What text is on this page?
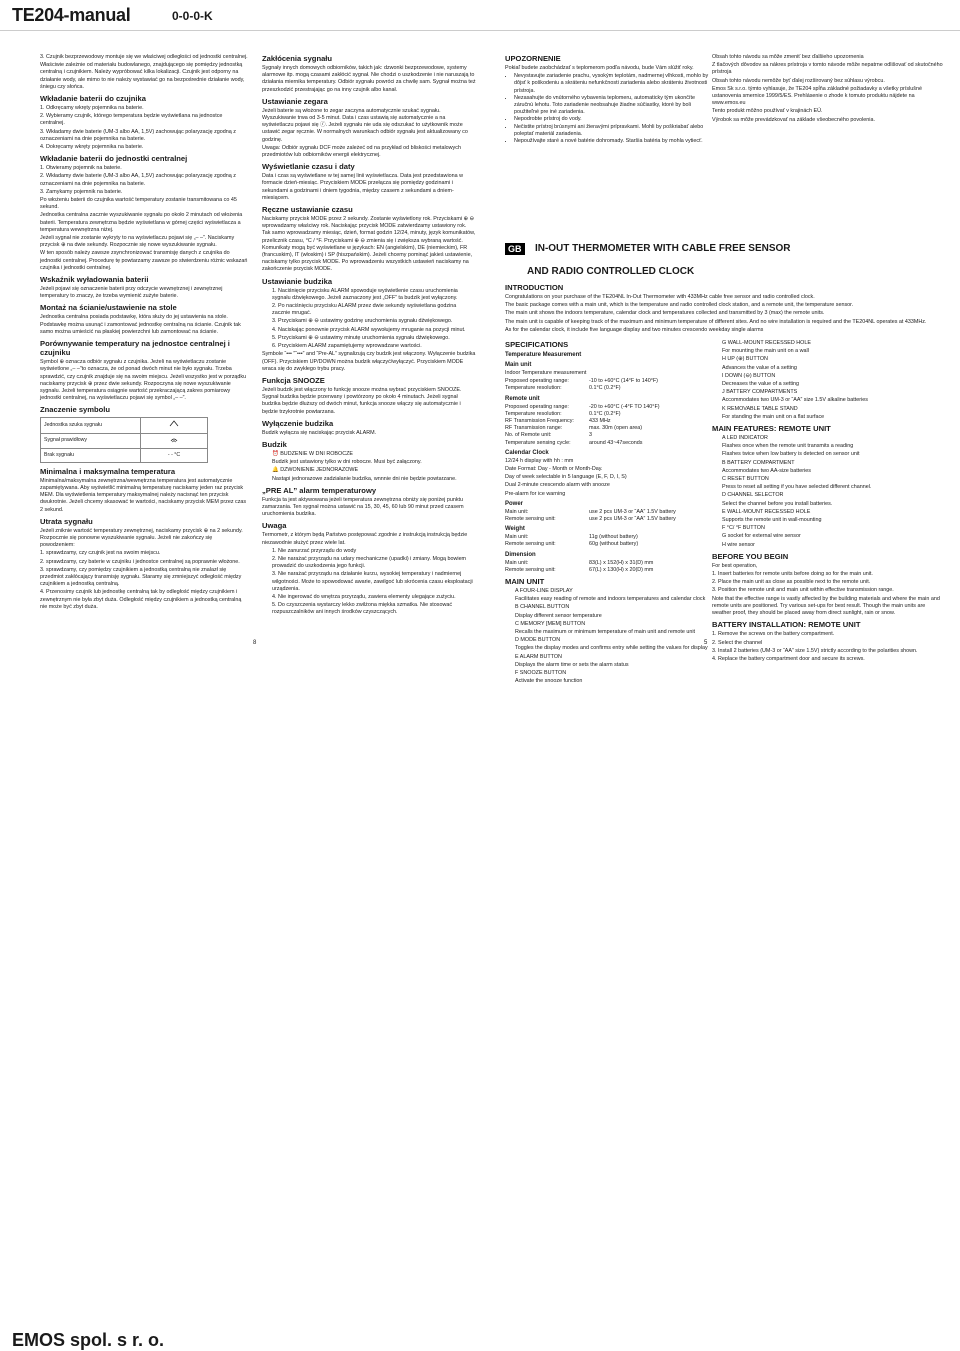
TE204-manual	0-0-0-K

3. Czujnik bezprzewodowy montuje się we właściwej odległości od jednostki centralnej.

Właściwie zależnie od materiału budowlanego, znajdującego się pomiędzy jednostką centralną i czujnikiem. Należy wypróbować kilka lokalizacji. Czujnik jest odporny na działanie wody, ale mimo to nie należy wystawiać go na bezpośrednie działanie wody, śniegu czy słońca.

Wkładanie baterii do czujnika

1. Odkręcamy wkręty pojemnika na baterie.

2. Wybieramy czujnik, którego temperatura będzie wyświetlana na jednostce centralnej.

3. Wkładamy dwie baterie (UM-3 albo AA, 1,5V) zachowując polaryzację zgodną z oznaczeniami na dnie pojemnika na baterie.

4. Dokręcamy wkręty pojemnika na baterie.

Wkładanie baterii do jednostki centralnej

1. Otwieramy pojemnik na baterie.

2. Wkładamy dwie baterie (UM-3 albo AA, 1,5V) zachowując polaryzację zgodną z oznaczeniami na dnie pojemnika na baterie.

3. Zamykamy pojemnik na baterie.

Po włożeniu baterii do czujnika wartość temperatury zostanie transmitowana co 45 sekund.

Jednostka centralna zacznie wyszukiwanie sygnału po około 2 minutach od włożenia baterii. Temperatura zewnętrzna będzie wyświetlana w górnej części wyświetlacza a temperatura wewnętrzna niżej.

Jeżeli sygnał nie zostanie wykryty to na wyświetlaczu pojawi się „– –”. Naciskamy przycisk ⊕ na dwie sekundy. Rozpocznie się nowe wyszukiwanie sygnału.

W ten sposób należy zawsze zsynchronizować transmisję danych z czujnika do jednostki centralnej. Procedurę tę powtarzamy zawsze po stwierdzeniu różnic wskazań czujnika i jednostki centralnej.

Wskaźnik wyładowania baterii

Jeżeli pojawi się oznaczenie baterii przy odczycie wewnętrznej i zewnętrznej temperatury to znaczy, że trzeba wymienić zużyte baterie.

Montaż na ścianie/ustawienie na stole

Jednostka centralna posiada podstawkę, która służy do jej ustawienia na stole. Podstawkę można usunąć i zamontować jednostkę centralną na ścianie. Czujnik tak samo można umieścić na płaskiej powierzchni lub zamontować na ścianie.

Porównywanie temperatury na jednostce centralnej i czujniku

Symbol ⊕ oznacza odbiór sygnału z czujnika. Jeżeli na wyświetlaczu zostanie wyświetlone „– –”to oznacza, że od ponad dwóch minut nie było sygnału. Trzeba sprawdzić, czy czujnik znajduje się na swoim miejscu. Jeżeli wszystko jest w porządku naciskamy przycisk ⊕ przez dwie sekundy. Rozpoczyna się nowe wyszukiwanie sygnału. Jeżeli temperatura osiągnie wartość przekraczającą zakres pomiarowy jednostki centralnej, na wyświetlaczu pojawi się symbol „– –”.

Znaczenie symbolu
Jednostka szuka sygnału	
Sygnał prawidłowy	
Brak sygnału	- - °C
Minimalna i maksymalna temperatura

Minimalna/maksymalna zewnętrzna/wewnętrzna temperatura jest automatycznie zapamiętywana. Aby wyświetlić minimalną temperaturę naciskamy jeden raz przycisk MEM. Dla wyświetlenia temperatury maksymalnej należy nacisnąć ten przycisk dwukrotnie. Jeżeli chcemy skasować te wartości, naciskamy przycisk MEM przez czas 2 sekund.

Utrata sygnału

Jeżeli zniknie wartość temperatury zewnętrznej, naciskamy przycisk ⊕ na 2 sekundy. Rozpocznie się ponowne wyszukiwanie sygnału. Jeżeli nie zakończy się powodzeniem:

1. sprawdzamy, czy czujnik jest na swoim miejscu.

2. sprawdzamy, czy baterie w czujniku i jednostce centralnej są poprawnie włożone.

3. sprawdzamy, czy pomiędzy czujnikiem a jednostką centralną nie znalazł się przedmiot zakłócający transmisję sygnału. Staramy się zmniejszyć odległość między czujnikiem a jednostką centralną.

4. Przenosimy czujnik lub jednostkę centralną tak by odległość między czujnikiem i zewnętrznym nie była zbyt duża. Odległość między czujnikiem a jednostką centralną nie może być zbyt duża.

Zakłócenia sygnału

Sygnały innych domowych odbiorników, takich jak: dzwonki bezprzewodowe, systemy alarmowe itp. mogą czasami zakłócić sygnał. Nie chodzi o uszkodzenie i nie naruszają to działania miernika temperatury. Odbiór sygnału powróci za chwilę sam. Sygnał można też przeszkodzić przestrajając go na inny czujnik albo kanał.

Ustawianie zegara

Jeżeli baterie są włożone to zegar zaczyna automatycznie szukać sygnału. Wyszukiwanie trwa od 3-5 minut. Data i czas ustawią się automatycznie a na wyświetlaczu pojawi się ⓡ. Jeżeli sygnału nie uda się odszukać to użytkownik może ustawić zegar ręcznie. W normalnych warunkach odbiór sygnału jest aktualizowany co godzinę.

Uwaga: Odbiór sygnału DCF może zależeć od na przykład od bliskości metalowych przedmiotów lub odbiorników energii elektrycznej.

Wyświetlanie czasu i daty

Data i czas są wyświetlane w tej samej linii wyświetlacza. Data jest przedstawiona w formacie dzień-miesiąc. Przyciskiem MODE przełącza się pomiędzy godzinami i sekundami a godzinami i dniem tygodnia, między czasem z sekundami a dniem-miesiącem.

Ręczne ustawianie czasu

Naciskamy przycisk MODE przez 2 sekundy. Zostanie wyświetlony rok. Przyciskami ⊕ ⊖ wprowadzamy właściwy rok. Naciskając przycisk MODE zatwierdzamy ustawiony rok. Tak samo wprowadzamy miesiąc, dzień, format godzin 12/24, minuty, język komunikatów, przelicznik czasu, °C / °F. Przyciskami ⊕ ⊖ zmienia się i zwiększa wybraną wartość. Komunikaty mogą być wyświetlane w językach: EN (angielskim), DE (niemieckim), FR (francuskim), IT (włoskim) i SP (hiszpańskim). Jeżeli chcemy pominąć jakieś ustawienie, naciskamy tylko przycisk MODE. Po wprowadzeniu wszystkich ustawień naciskamy na zakończenie przycisk MODE.

Ustawianie budzika

1. Naciśnięcie przycisku ALARM spowoduje wyświetlenie czasu uruchomienia sygnału dźwiękowego. Jeżeli zaznaczony jest „OFF” ta budzik jest wyłączony.

2. Po naciśnięciu przycisku ALARM przez dwie sekundy wyświetlana godzina zacznie mrugać.

3. Przyciskami ⊕ ⊖ ustawimy godzinę uruchomienia sygnału dźwiękowego.

4. Naciskając ponownie przycisk ALARM wywołujemy mruganie na pozycji minut.

5. Przyciskami ⊕ ⊖ ustawimy minutę uruchomienia sygnału dźwiękowego.

6. Przyciskiem ALARM zapamiętujemy wprowadzane wartości.

Symbole “••• ”“•••” and “Pre-AL” sygnalizują czy budzik jest włączony. Wyłączenie budzika (OFF). Przyciskiem UP/DOWN można budzik włączyć/wyłączyć. Przyciskiem MODE wraca się do zwykłego trybu pracy.

Funkcja SNOOZE

Jeżeli budzik jest włączony to funkcję snooze można wybrać przyciskiem SNOOZE. Sygnał budzika będzie przerwany i powtórzony po około 4 minutach. Jeżeli sygnał budzika będzie dłuższy od dwóch minut, funkcja snooze włączy się automatycznie i będzie trzykrotnie powtarzana.

Wyłączenie budzika

Budzik wyłącza się naciskając przycisk ALARM.

Budzik

⏰ BUDZENIE W DNI ROBOCZE

Budzik jest ustawiony tylko w dni robocze. Musi być załączony.

🔔 DZWONIENIE JEDNORAZOWE

Nastąpi jednorazowe zadziałanie budzika, wnnnie dni nie będzie powtarzane.

„PRE AL” alarm temperaturowy

Funkcja ta jest aktywowana jeżeli temperatura zewnętrzna obniży się poniżej punktu zamarzania. Ten sygnał można ustawić na 15, 30, 45, 60 lub 90 minut przed czasem uruchomienia budzika.

Uwaga

Termometr, z którym będą Państwo postępować zgodnie z instrukcją instrukcją będzie niezawodnie służyć przez wiele lat.

1. Nie zanurzać przyrządu do wody

2. Nie narażać przyrządu na udary mechaniczne (upadki) i zmiany. Mogą bowiem prowadzić do uszkodzenia jego funkcji.

3. Nie narażać przyrządu na działanie kurzu, wysokiej temperatury i nadmiernej wilgotności. Może to spowodować awarie, zawilgoć lub skrócenia czasu eksploatacji urządzenia.

4. Nie ingerować do wnętrza przyrządu, zawiera elementy ulegające zużyciu.

5. Do czyszczenia wystarczy lekko zwilżona miękka szmatka. Nie stosować rozpuszczalników ani innych środków czyszczących.

UPOZORNENIE

Pokiaľ budete zaobchádzať s teplomerom podľa návodu, bude Vám slúžiť roky.

• Nevystavujte zariadenie prachu, vysokým teplotám, nadmernej vlhkosti, mohlo by dôjsť k poškodeniu a skráteniu nefunkčnosti zariadenia alebo skráteniu životnosti prístroja.
• Nezasahujte do vnútorného vybavenia teplomeru, automaticky tým ukončíte záručnú lehotu. Toto zariadenie neobsahuje žiadne súčiastky, ktoré by boli použiteľné pre iné zariadenia.
• Nepodrobte prístroj do vody.
• Nečistite prístroj brúsnymi ani žieravými prípravkami. Mohli by poškriabať alebo poleptať materiál zariadenia.
• Nepoužívajte staré a nové batérie dohromady. Staršia batéria by mohla vytiecť.
GB IN-OUT THERMOMETER WITH CABLE FREE SENSOR
AND RADIO CONTROLLED CLOCK
INTRODUCTION

Congratulations on your purchase of the TE204NL In-Out Thermometer with 433MHz cable free sensor and radio controlled clock.

The basic package comes with a main unit, which is the temperature and radio controlled clock station, and a remote unit, the temperature sensor.

The main unit shows the indoors temperature, calendar clock and temperatures collected and transmitted by 3 (max) the remote units.

The main unit is capable of keeping track of the maximum and minimum temperature of different sites. And no wire installation is required and the TE204NL operates at 433MHz.

As for the calendar clock, it include five language display and two minutes crescendo weekday single alarms

SPECIFICATIONS
Temperature Measurement
Main unit

Indoor Temperature measurement

Proposed operating range:	-10 to +60°C (14°F to 140°F)
Temperature resolution:	0.1°C (0.2°F)
Remote unit
Proposed operating range:	-20 to +60°C (-4°F TO 140°F)
Temperature resolution:	0.1°C (0.2°F)
RF Transmission Frequency:	433 MHz
RF Transmission range:	max. 30m (open area)
No. of Remote unit:	3
Temperature sensing cycle:	around 43~47seconds
Calendar Clock

12/24 h display with hh : mm

Date Format: Day - Month or Month-Day.

Day of week selectable in 5 language (E, F, D, I, S)

Dual 2-minute crescendo alarm with snooze

Pre-alarm for ice warning

Power
Main unit:	use 2 pcs UM-3 or “AA” 1.5V battery
Remote sensing unit:	use 2 pcs UM-3 or “AA” 1.5V battery
Weight
Main unit:	11g (without battery)
Remote sensing unit:	60g (without battery)
Dimension
Main unit:	83(L) x 152(H) x 31(D) mm
Remote sensing unit:	67(L) x 130(H) x 20(D) mm
MAIN UNIT

A FOUR-LINE DISPLAY

Facilitates easy reading of remote and indoors temperatures and calendar clock

B CHANNEL BUTTON

Display different sensor temperature

C MEMORY [MEM] BUTTON

Recalls the maximum or minimum temperature of main unit and remote unit

D MODE BUTTON

Toggles the display modes and confirms entry while setting the values for display

E ALARM BUTTON

Displays the alarm time or sets the alarm status

F SNOOZE BUTTON

Activate the snooze function

Obsah tohto návodu sa môže zmeniť bez ďalšieho upozornenia

Z tlačových dôvodov sa nákres prístroja v tomto návode môže nepatrne odlišovať od skutočného prístroja

Obsah tohto návodu nemôže byť ďalej rozširovaný bez súhlasu výrobcu.

Emos Sk s.r.o. týmto vyhlasuje, že TE204 spĺňa základné požiadavky a všetky príslušné ustanovenia smernice 1999/5/ES. Prehlásenie o zhode k tomuto produktu nájdete na www.emos.eu

Tento produkt môžno používať v krajinách EÚ.

Výrobok sa môže prevádzkovať na základe všeobecného povolenia.

G WALL-MOUNT RECESSED HOLE

For mounting the main unit on a wall

H UP (⊕) BUTTON

Advances the value of a setting

I DOWN (⊖) BUTTON

Decreases the value of a setting

J BATTERY COMPARTMENTS

Accommodates two UM-3 or “AA” size 1.5V alkaline batteries

K REMOVABLE TABLE STAND

For standing the main unit on a flat surface

MAIN FEATURES: REMOTE UNIT

A LED INDICATOR

Flashes once when the remote unit transmits a reading

Flashes twice when low battery is detected on sensor unit

B BATTERY COMPARTMENT

Accommodates two AA-size batteries

C RESET BUTTON

Press to reset all setting if you have selected different channel.

D CHANNEL SELECTOR

Select the channel before you install batteries.

E WALL-MOUNT RECESSED HOLE

Supports the remote unit in wall-mounting

F °C/ °F BUTTON

G socket for external wire sensor

H wire sensor

BEFORE YOU BEGIN

For best operation,

1. Insert batteries for remote units before doing so for the main unit.

2. Place the main unit as close as possible next to the remote unit.

3. Position the remote unit and main unit within effective transmission range.

Note that the effective range is vastly affected by the building materials and where the main and remote units are positioned. Try various set-ups for best result. Though the main units are weather proof, they should be placed away from direct sunlight, rain or snow.

BATTERY INSTALLATION: REMOTE UNIT

1. Remove the screws on the battery compartment.

2. Select the channel

3. Install 2 batteries (UM-3 or “AA” size 1.5V) strictly according to the polarities shown.

4. Replace the battery compartment door and secure its screws.

8	5
EMOS spol. s r. o.
